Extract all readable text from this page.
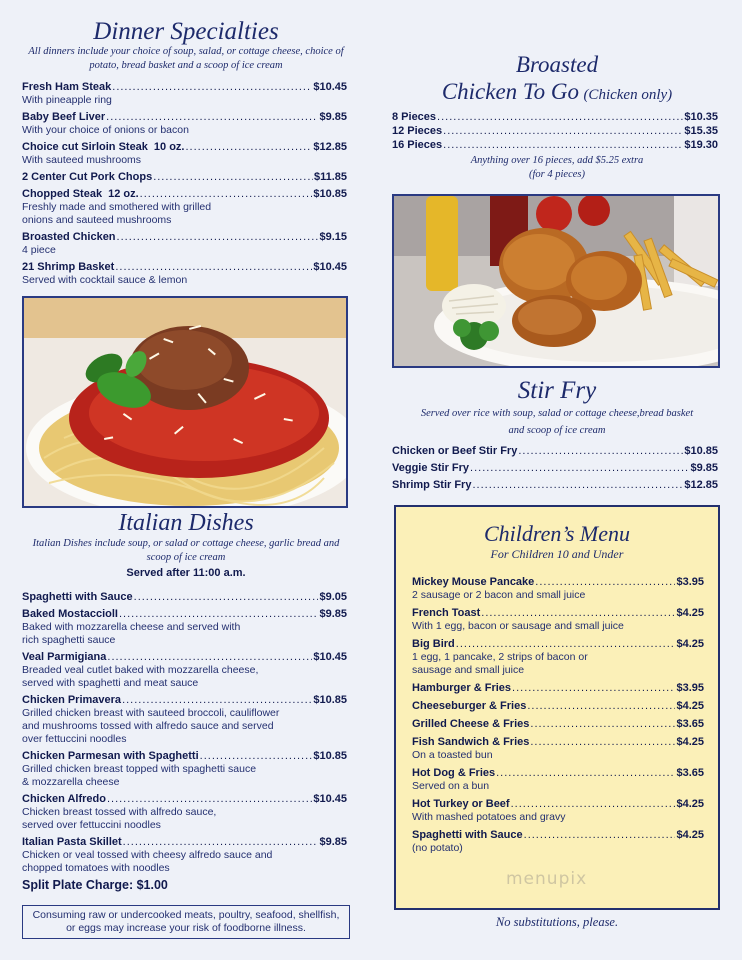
Dinner Specialties
All dinners include your choice of soup, salad, or cottage cheese, choice of potato, bread basket and a scoop of ice cream
Fresh Ham Steak .....	$10.45
With pineapple ring
Baby Beef Liver .....	$9.85
With your choice of onions or bacon
Choice cut Sirloin Steak 10 oz. .....	$12.85
With sauteed mushrooms
2 Center Cut Pork Chops .....	$11.85
Chopped Steak 12 oz. .....	$10.85
Freshly made and smothered with grilled onions and sauteed mushrooms
Broasted Chicken .....	$9.15
4 piece
21 Shrimp Basket .....	$10.45
Served with cocktail sauce & lemon
Italian Dishes
Italian Dishes include soup, or salad or cottage cheese, garlic bread and scoop of ice cream
Served after 11:00 a.m.
Spaghetti with Sauce .....	$9.05
Baked MostacciolI .....	$9.85
Baked with mozzarella cheese and served with rich spaghetti sauce
Veal Parmigiana .....	$10.45
Breaded veal cutlet baked with mozzarella cheese, served with spaghetti and meat sauce
Chicken Primavera .....	$10.85
Grilled chicken breast with sauteed broccoli, cauliflower and mushrooms tossed with alfredo sauce and served over fettuccini noodles
Chicken Parmesan with Spaghetti .....	$10.85
Grilled chicken breast topped with spaghetti sauce & mozzarella cheese
Chicken Alfredo .....	$10.45
Chicken breast tossed with alfredo sauce, served over fettuccini noodles
Italian Pasta Skillet .....	$9.85
Chicken or veal tossed with cheesy alfredo sauce and chopped tomatoes with noodles
Split Plate Charge: $1.00
Consuming raw or undercooked meats, poultry, seafood, shellfish, or eggs may increase your risk of foodborne illness.
Broasted
Chicken To Go (Chicken only)
8 Pieces .....	$10.35
12 Pieces .....	$15.35
16 Pieces .....	$19.30
Anything over 16 pieces, add $5.25 extra
(for 4 pieces)
Stir Fry
Served over rice with soup, salad or cottage cheese,bread basket
and scoop of ice cream
Chicken or Beef Stir Fry .....	$10.85
Veggie Stir Fry .....	$9.85
Shrimp Stir Fry .....	$12.85
Children’s Menu
For Children 10 and Under
Mickey Mouse Pancake .....	$3.95
2 sausage or 2 bacon and small juice
French Toast .....	$4.25
With 1 egg, bacon or sausage and small juice
Big Bird .....	$4.25
1 egg, 1 pancake, 2 strips of bacon or sausage and small juice
Hamburger & Fries .....	$3.95
Cheeseburger & Fries .....	$4.25
Grilled Cheese & Fries .....	$3.65
Fish Sandwich & Fries .....	$4.25
On a toasted bun
Hot Dog & Fries .....	$3.65
Served on a bun
Hot Turkey or Beef .....	$4.25
With mashed potatoes and gravy
Spaghetti with Sauce .....	$4.25
(no potato)
menupix
No substitutions, please.
